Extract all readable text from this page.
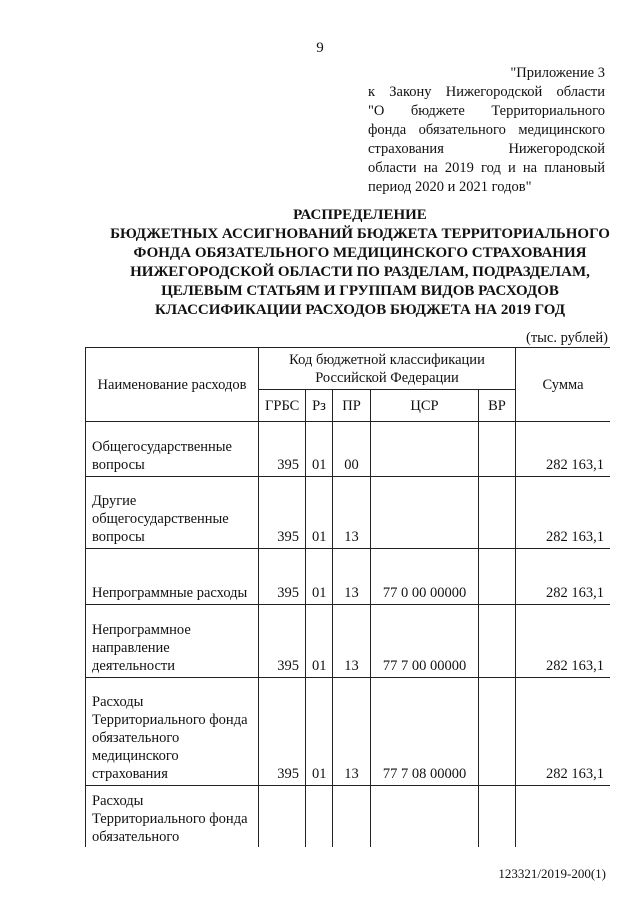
9
"Приложение 3
к Закону Нижегородской области
"О бюджете Территориального
фонда обязательного медицинского
страхования Нижегородской
области на 2019 год и на плановый
период 2020 и 2021 годов"
РАСПРЕДЕЛЕНИЕ
БЮДЖЕТНЫХ АССИГНОВАНИЙ БЮДЖЕТА ТЕРРИТОРИАЛЬНОГО
ФОНДА ОБЯЗАТЕЛЬНОГО МЕДИЦИНСКОГО СТРАХОВАНИЯ
НИЖЕГОРОДСКОЙ ОБЛАСТИ ПО РАЗДЕЛАМ, ПОДРАЗДЕЛАМ,
ЦЕЛЕВЫМ СТАТЬЯМ И ГРУППАМ ВИДОВ РАСХОДОВ
КЛАССИФИКАЦИИ РАСХОДОВ БЮДЖЕТА НА 2019 ГОД
(тыс. рублей)
Наименование расходов	Код бюджетной классификации Российской Федерации					Сумма
	ГРБС	Рз	ПР	ЦСР	ВР	
Общегосударственные вопросы	395	01	00			282 163,1
Другие общегосударственные вопросы	395	01	13			282 163,1
Непрограммные расходы	395	01	13	77 0 00 00000		282 163,1
Непрограммное направление деятельности	395	01	13	77 7 00 00000		282 163,1
Расходы Территориального фонда обязательного медицинского страхования	395	01	13	77 7 08 00000		282 163,1
Расходы Территориального фонда обязательного						
123321/2019-200(1)
